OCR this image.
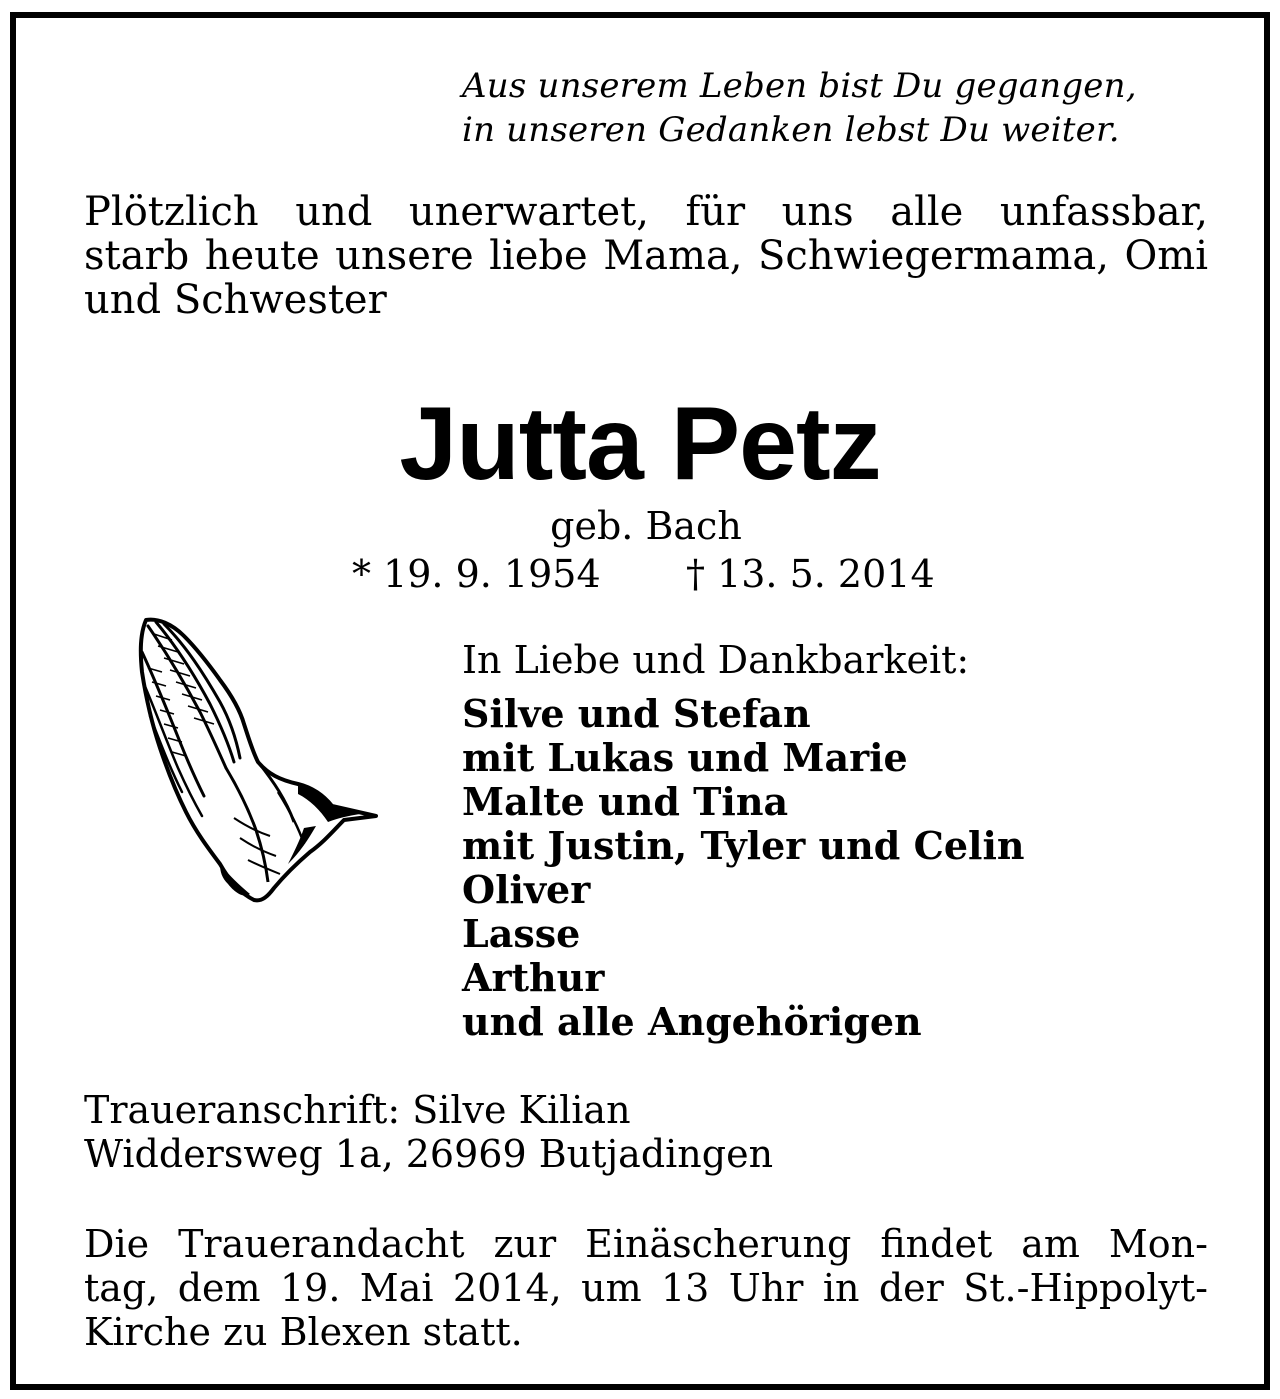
Aus unserem Leben bist Du gegangen,
in unseren Gedanken lebst Du weiter.
Plötzlich und unerwartet, für uns alle unfassbar,
starb heute unsere liebe Mama, Schwiegermama, Omi
und Schwester
Jutta Petz
geb. Bach
* 19. 9. 1954 † 13. 5. 2014
In Liebe und Dankbarkeit:
Silve und Stefan
mit Lukas und Marie
Malte und Tina
mit Justin, Tyler und Celin
Oliver
Lasse
Arthur
und alle Angehörigen
Traueranschrift: Silve Kilian
Widdersweg 1a, 26969 Butjadingen
Die Trauerandacht zur Einäscherung findet am Mon-
tag, dem 19. Mai 2014, um 13 Uhr in der St.-Hippolyt-
Kirche zu Blexen statt.
